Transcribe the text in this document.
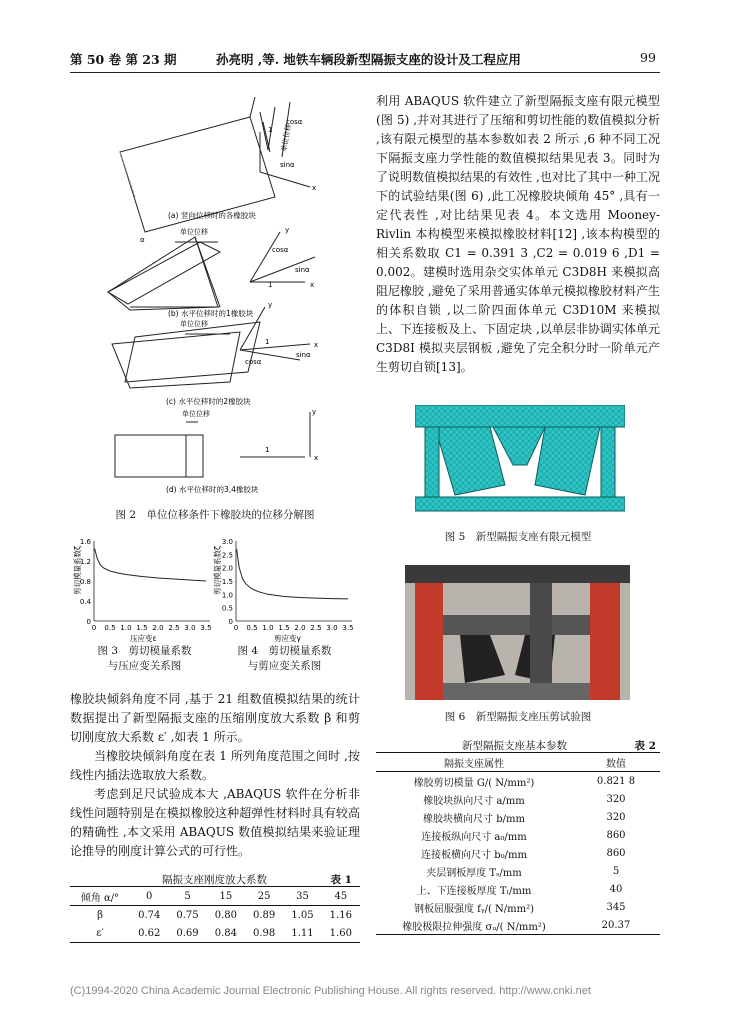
第 50 卷 第 23 期	孙亮明 ,等. 地铁车辆段新型隔振支座的设计及工程应用	99
单位位移
1
cosα
sinα
x
α
(a) 竖向位移时的各橡胶块
单位位移
cosα
sinα
1	x
y
(b) 水平位移时的1橡胶块
单位位移
1
cosα
sinα
x
y
(c) 水平位移时的2橡胶块
单位位移
1
x
y
(d) 水平位移时的3,4橡胶块
图 2　单位位移条件下橡胶块的位移分解图
0
0.4
0.8
1.2
1.6
0 0.5 1.0 1.5 2.0 2.5 3.0 3.5
剪切模量系数ζ
压应变ε
图 3　剪切模量系数
与压应变关系图
0
0.5
1.0
1.5
2.0
2.5
3.0
0 0.5 1.0 1.5 2.0 2.5 3.0 3.5
剪切模量系数ζ
剪应变γ
图 4　剪切模量系数
与剪应变关系图

橡胶块倾斜角度不同 ,基于 21 组数值模拟结果的统计数据提出了新型隔振支座的压缩刚度放大系数 β 和剪切刚度放大系数 ε′ ,如表 1 所示。

当橡胶块倾斜角度在表 1 所列角度范围之间时 ,按线性内插法选取放大系数。

考虑到足尺试验成本大 ,ABAQUS 软件在分析非线性问题特别是在模拟橡胶这种超弹性材料时具有较高的精确性 ,本文采用 ABAQUS 数值模拟结果来验证理论推导的刚度计算公式的可行性。

隔振支座刚度放大系数	表 1
倾角 α/°	0	5	15	25	35	45
β	0.74	0.75	0.80	0.89	1.05	1.16
ε′	0.62	0.69	0.84	0.98	1.11	1.60

利用 ABAQUS 软件建立了新型隔振支座有限元模型(图 5) ,并对其进行了压缩和剪切性能的数值模拟分析 ,该有限元模型的基本参数如表 2 所示 ,6 种不同工况下隔振支座力学性能的数值模拟结果见表 3。同时为了说明数值模拟结果的有效性 ,也对比了其中一种工况下的试验结果(图 6) ,此工况橡胶块倾角 45° ,具有一定代表性 ,对比结果见表 4。本文选用 Mooney-Rivlin 本构模型来模拟橡胶材料[12] ,该本构模型的相关系数取 C1 = 0.391 3 ,C2 = 0.019 6 ,D1 = 0.002。建模时选用杂交实体单元 C3D8H 来模拟高阻尼橡胶 ,避免了采用普通实体单元模拟橡胶材料产生的体积自锁 ,以二阶四面体单元 C3D10M 来模拟上、下连接板及上、下固定块 ,以单层非协调实体单元 C3D8I 模拟夹层钢板 ,避免了完全积分时一阶单元产生剪切自锁[13]。

图 5　新型隔振支座有限元模型
图 6　新型隔振支座压剪试验图
新型隔振支座基本参数	表 2
隔振支座属性	数值
橡胶剪切模量 G/( N/mm²)	0.821 8
橡胶块纵向尺寸 a/mm	320
橡胶块横向尺寸 b/mm	320
连接板纵向尺寸 a₀/mm	860
连接板横向尺寸 b₀/mm	860
夹层钢板厚度 Tₛ/mm	5
上、下连接板厚度 Tₗ/mm	40
钢板屈服强度 fᵧ/( N/mm²)	345
橡胶极限拉伸强度 σᵤ/( N/mm²)	20.37
(C)1994-2020 China Academic Journal Electronic Publishing House. All rights reserved. http://www.cnki.net
